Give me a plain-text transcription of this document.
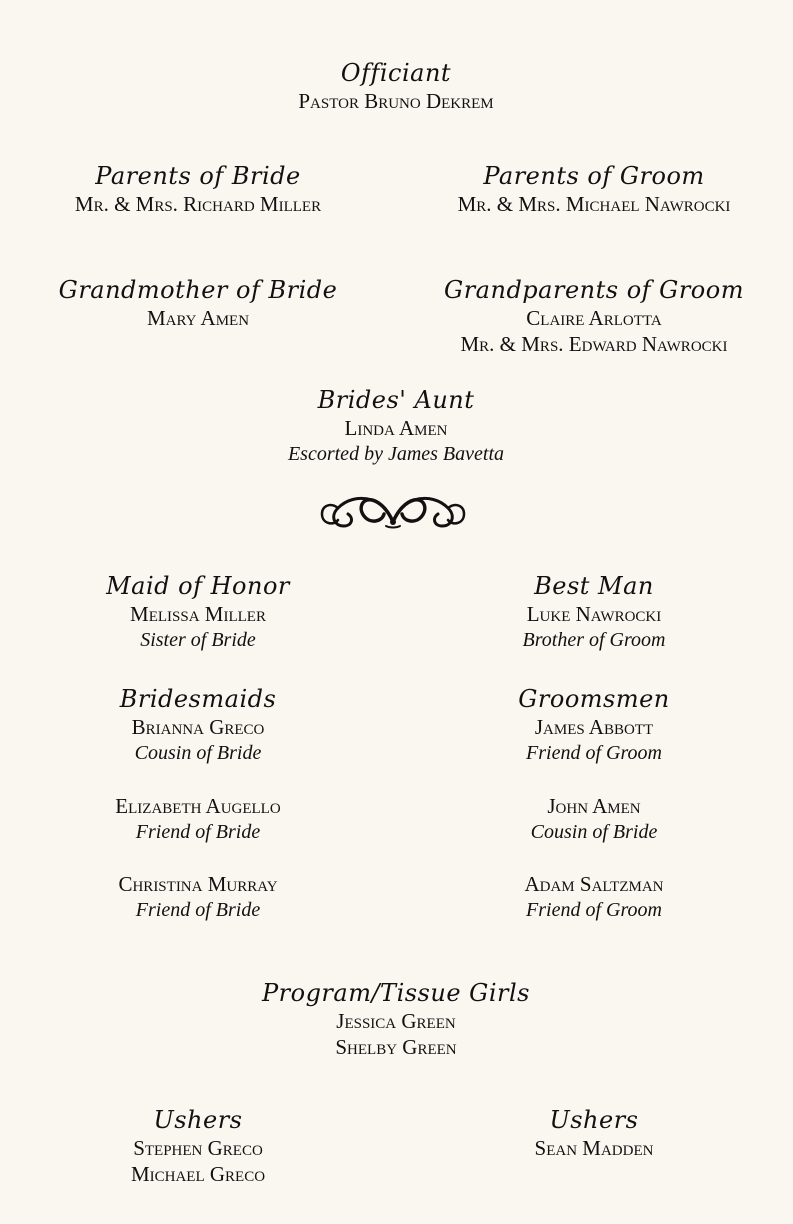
Officiant
Pastor Bruno Dekrem
Parents of Bride
Mr. & Mrs. Richard Miller
Parents of Groom
Mr. & Mrs. Michael Nawrocki
Grandmother of Bride
Mary Amen
Grandparents of Groom
Claire Arlotta
Mr. & Mrs. Edward Nawrocki
Brides' Aunt
Linda Amen
Escorted by James Bavetta
Maid of Honor
Melissa Miller
Sister of Bride
Best Man
Luke Nawrocki
Brother of Groom
Bridesmaids
Brianna Greco
Cousin of Bride
Elizabeth Augello
Friend of Bride
Christina Murray
Friend of Bride
Groomsmen
James Abbott
Friend of Groom
John Amen
Cousin of Bride
Adam Saltzman
Friend of Groom
Program/Tissue Girls
Jessica Green
Shelby Green
Ushers
Stephen Greco
Michael Greco
Ushers
Sean Madden
